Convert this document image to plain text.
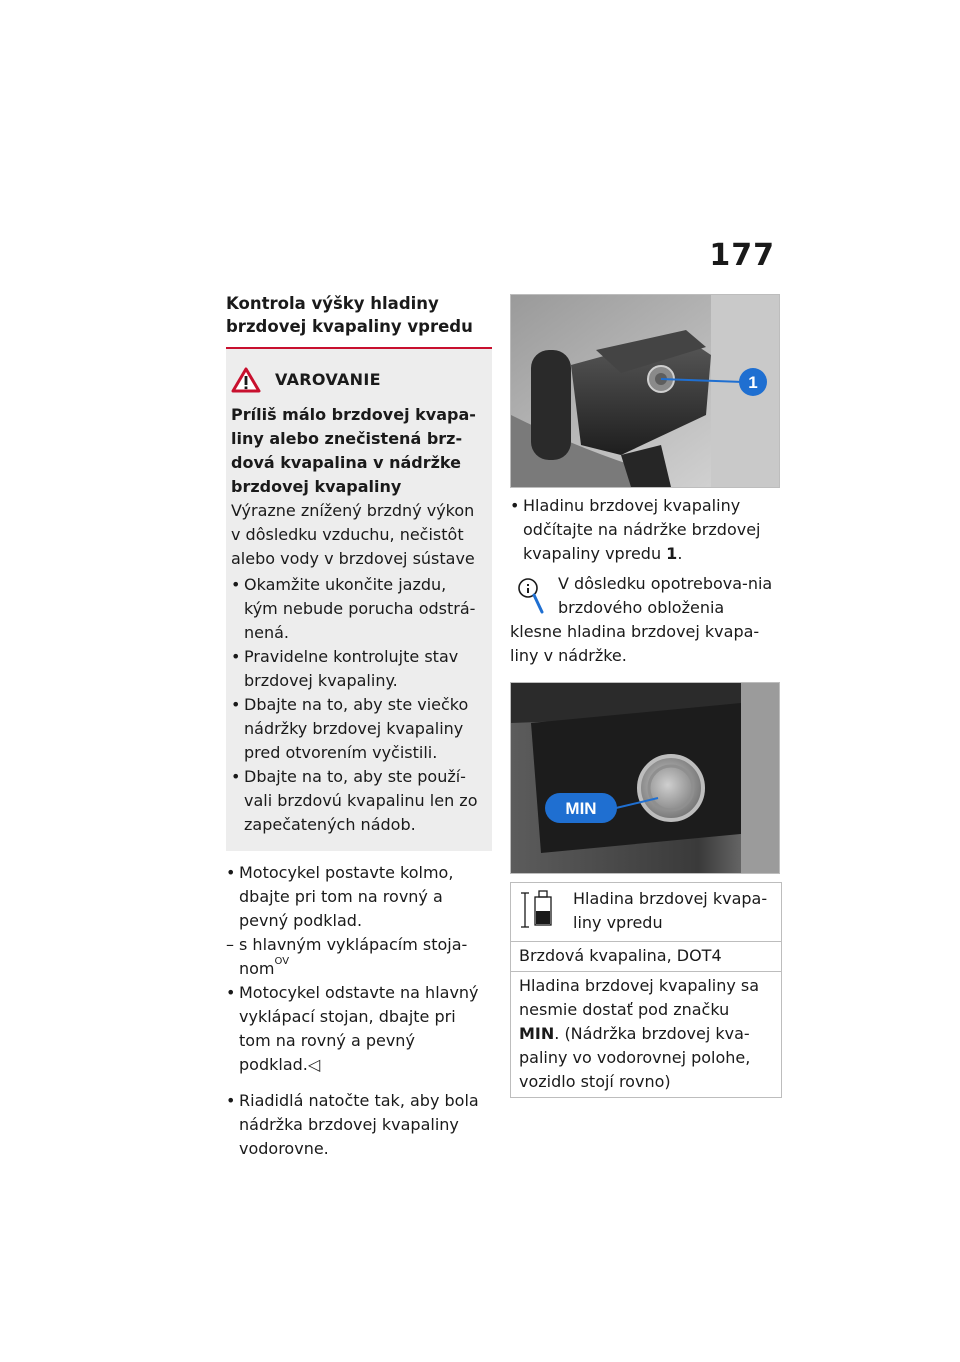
177
Kontrola výšky hladiny
brzdovej kvapaliny vpredu
VAROVANIE
Príliš málo brzdovej kvapa-liny alebo znečistená brz-dová kvapalina v nádržke brzdovej kvapaliny
Výrazne znížený brzdný výkon v dôsledku vzduchu, nečistôt alebo vody v brzdovej sústave
• Okamžite ukončite jazdu, kým nebude porucha odstrá-nená.
• Pravidelne kontrolujte stav brzdovej kvapaliny.
• Dbajte na to, aby ste viečko nádržky brzdovej kvapaliny pred otvorením vyčistili.
• Dbajte na to, aby ste použí-vali brzdovú kvapalinu len zo zapečatených nádob.
• Motocykel postavte kolmo, dbajte pri tom na rovný a pevný podklad.
– s hlavným vyklápacím stoja-nom$^{OV}$
• Motocykel odstavte na hlavný vyklápací stojan, dbajte pri tom na rovný a pevný podklad.◁
• Riadidlá natočte tak, aby bola nádržka brzdovej kvapaliny vodorovne.
1
• Hladinu brzdovej kvapaliny odčítajte na nádržke brzdovej kvapaliny vpredu 1.
V dôsledku opotrebova-nia brzdového obloženia klesne hladina brzdovej kvapa-liny v nádržke.
MIN
Hladina brzdovej kvapa-liny vpredu
Brzdová kvapalina, DOT4
Hladina brzdovej kvapaliny sa nesmie dostať pod značku MIN. (Nádržka brzdovej kva-paliny vo vodorovnej polohe, vozidlo stojí rovno)
